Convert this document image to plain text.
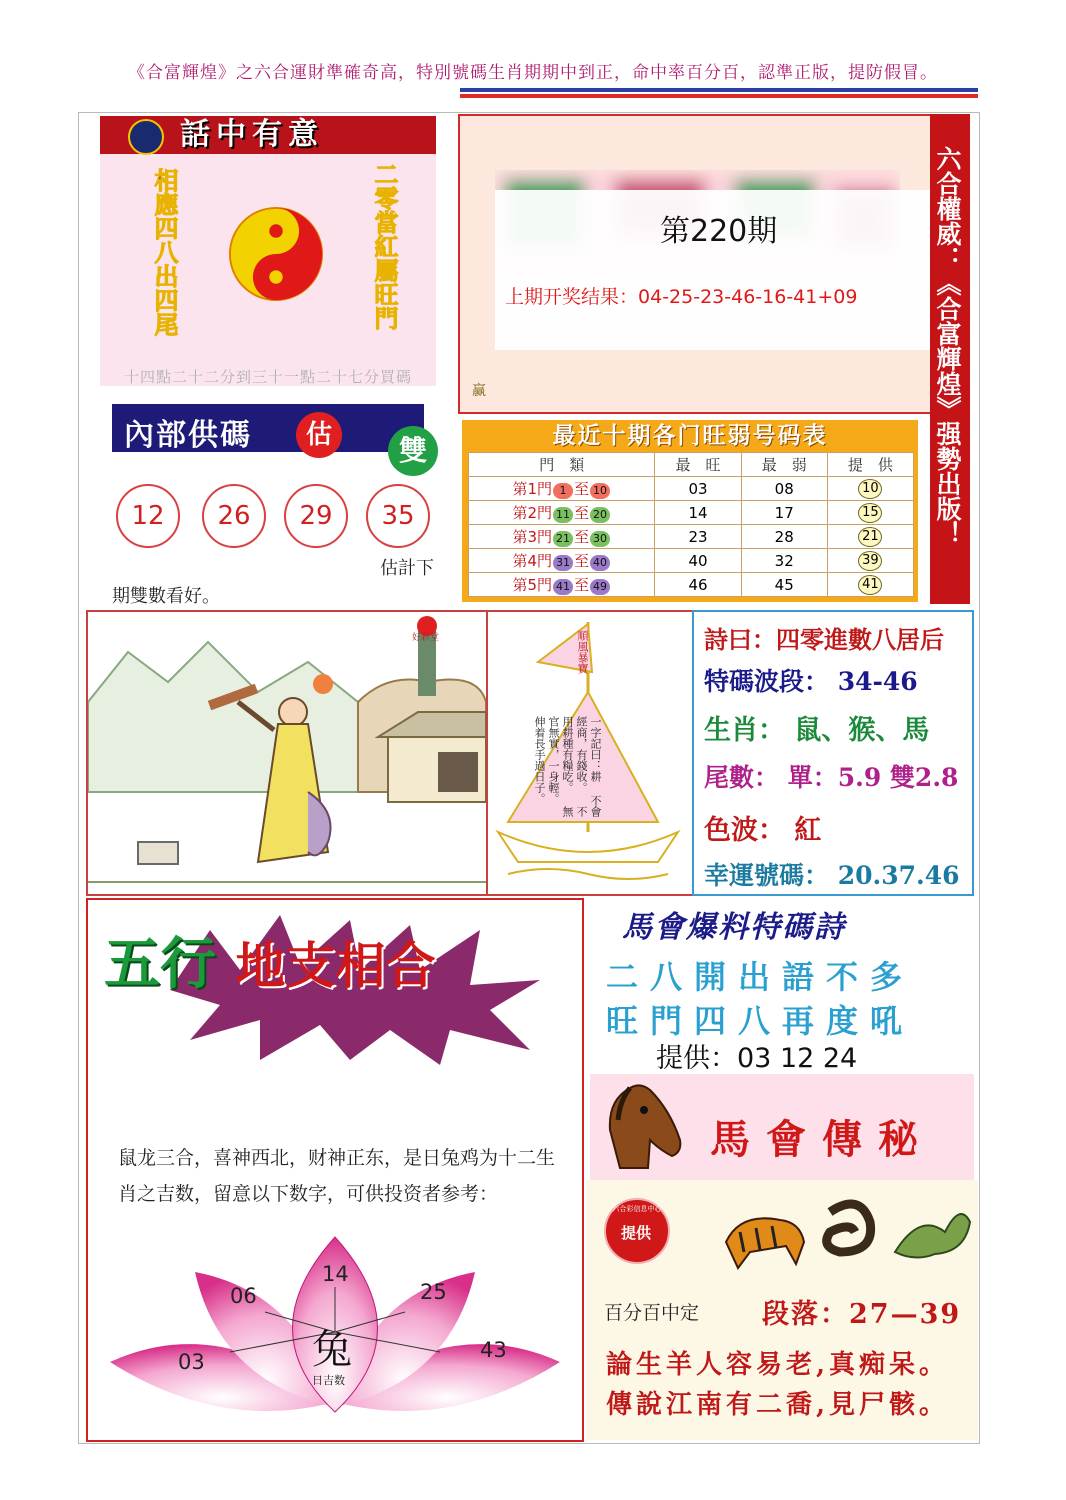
《合富輝煌》之六合運財準確奇高，特別號碼生肖期期中到正，命中率百分百，認準正版，提防假冒。
話中有意
相應四八出四尾	二零當紅屬旺門
十四點二十二分到三十一點二十七分買碼
內部供碼	估 單
雙
12	26	29	35
估計下
期雙數看好。
第220期
上期开奖结果：04-25-23-46-16-41+09
赢	六合權威：《合富輝煌》强勢出版！
最近十期各门旺弱号码表
門　類	最　旺	最　弱	提　供
第1門 1 至 10	03	08	10
第2門 11 至 20	14	17	15
第3門 21 至 30	23	28	21
第4門 31 至 40	40	32	39
第5門 41 至 49	46	45	41
好彩堂	順風暴寶
一字記曰：耕 不會經商，有錢收。 不用耕種有糧吃。 無官無實，一身輕。 伸着長手過日子。
詩曰：四零進數八居后
特碼波段： 34-46
生肖： 鼠、猴、馬
尾數： 單：5.9 雙2.8
色波： 紅
幸運號碼： 20.37.46
五行 地支相合
鼠龙三合，喜神西北，财神正东，是日兔鸡为十二生肖之吉数，留意以下数字，可供投资者参考：
03
06
14
25
43
兔
日吉数
馬會爆料特碼詩
二八開出語不多
旺門四八再度吼
提供：03 12 24
馬會傳秘
六合彩信息中心
提供
百分百中定 段落：27—39
論生羊人容易老,真痴呆。
傳說江南有二喬,見尸骸。
